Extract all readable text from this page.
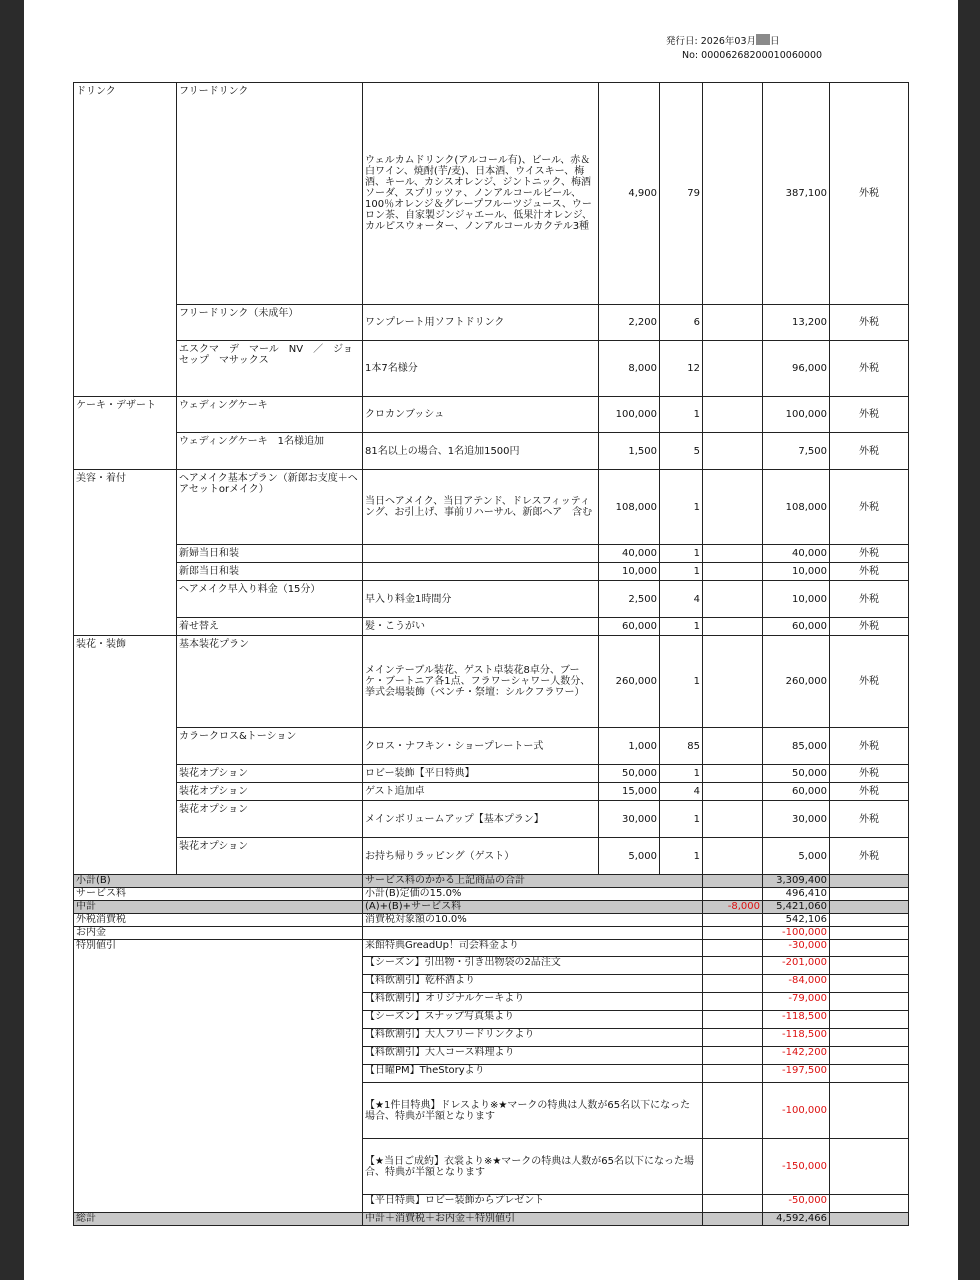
発行日: 2026年03月 日
No: 00006268200010060000
ドリンク	フリードリンク	ウェルカムドリンク(アルコール有)、ビール、赤＆白ワイン、焼酎(芋/麦)、日本酒、ウイスキー、梅酒、キール、カシスオレンジ、ジントニック、梅酒ソーダ、スプリッツァ、ノンアルコールビール、100％オレンジ＆グレープフルーツジュース、ウーロン茶、自家製ジンジャエール、低果汁オレンジ、カルピスウォーター、ノンアルコールカクテル3種	4,900	79		387,100	外税
	フリードリンク（未成年）	ワンプレート用ソフトドリンク	2,200	6		13,200	外税
	エスクマ　デ　マール　NV　／　ジョセップ　マサックス	1本7名様分	8,000	12		96,000	外税
ケーキ・デザート	ウェディングケーキ	クロカンブッシュ	100,000	1		100,000	外税
	ウェディングケーキ　1名様追加	81名以上の場合、1名追加1500円	1,500	5		7,500	外税
美容・着付	ヘアメイク基本プラン（新郎お支度＋ヘアセットorメイク）	当日ヘアメイク、当日アテンド、ドレスフィッティング、お引上げ、事前リハーサル、新郎ヘア　含む	108,000	1		108,000	外税
	新婦当日和装		40,000	1		40,000	外税
	新郎当日和装		10,000	1		10,000	外税
	ヘアメイク早入り料金（15分）	早入り料金1時間分	2,500	4		10,000	外税
	着せ替え	髪・こうがい	60,000	1		60,000	外税
装花・装飾	基本装花プラン	メインテーブル装花、ゲスト卓装花8卓分、ブーケ・ブートニア各1点、フラワーシャワー人数分、挙式会場装飾（ベンチ・祭壇：シルクフラワー）	260,000	1		260,000	外税
	カラークロス&トーション	クロス・ナフキン・ショープレートー式	1,000	85		85,000	外税
	装花オプション	ロビー装飾【平日特典】	50,000	1		50,000	外税
	装花オプション	ゲスト追加卓	15,000	4		60,000	外税
	装花オプション	メインボリュームアップ【基本プラン】	30,000	1		30,000	外税
	装花オプション	お持ち帰りラッピング（ゲスト）	5,000	1		5,000	外税
小計(B)		サービス料のかかる上記商品の合計				3,309,400	
サービス料		小計(B)定価の15.0%				496,410	
中計		(A)+(B)+サービス料			-8,000	5,421,060	
外税消費税		消費税対象額の10.0%				542,106	
お内金						-100,000	
特別値引		来館特典GreadUp！司会料金より				-30,000	
		【シーズン】引出物・引き出物袋の2品注文				-201,000	
		【料飲割引】乾杯酒より				-84,000	
		【料飲割引】オリジナルケーキより				-79,000	
		【シーズン】スナップ写真集より				-118,500	
		【料飲割引】大人フリードリンクより				-118,500	
		【料飲割引】大人コース料理より				-142,200	
		【日曜PM】TheStoryより				-197,500	
		【★1件目特典】ドレスより※★マークの特典は人数が65名以下になった場合、特典が半額となります				-100,000	
		【★当日ご成約】衣裳より※★マークの特典は人数が65名以下になった場合、特典が半額となります				-150,000	
		【平日特典】ロビー装飾からプレゼント				-50,000	
総計		中計＋消費税＋お内金＋特別値引				4,592,466	
